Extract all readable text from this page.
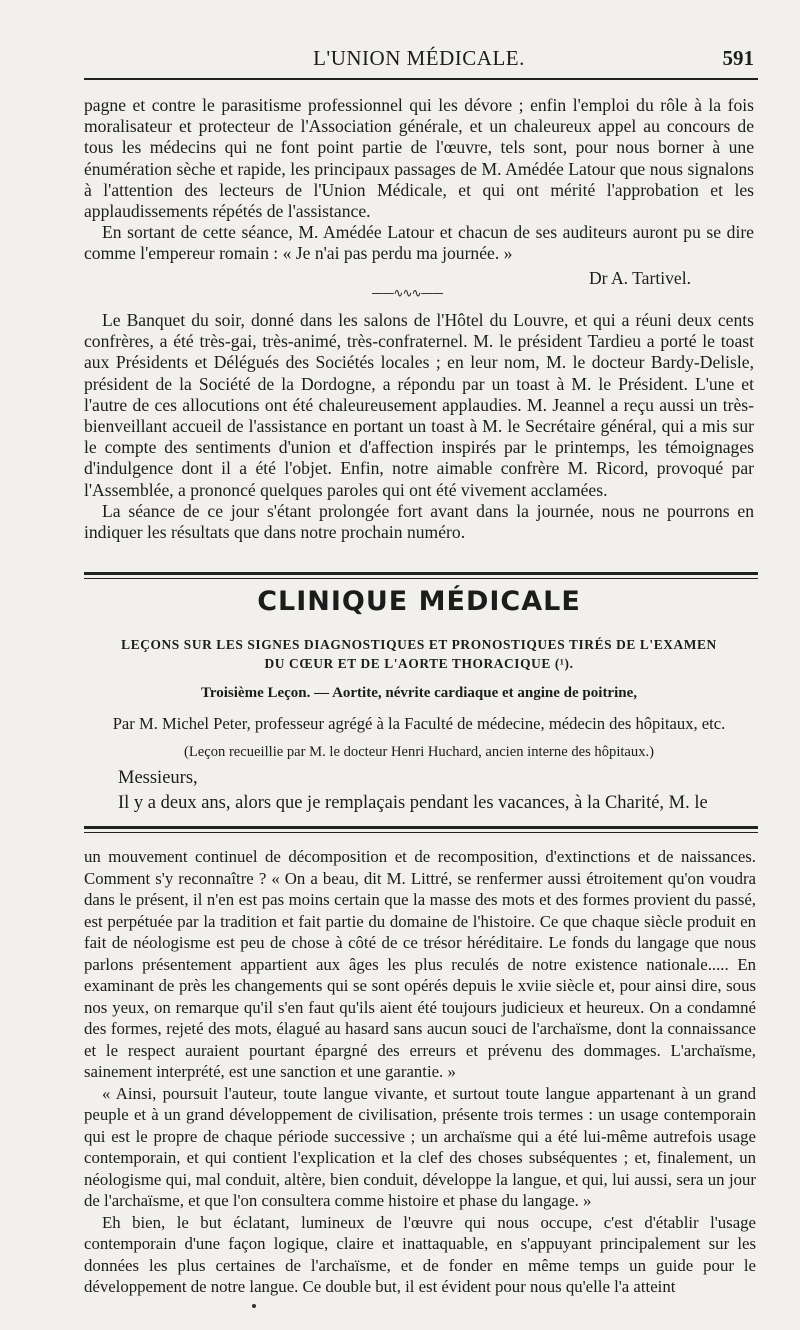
L'UNION MÉDICALE.	591

pagne et contre le parasitisme professionnel qui les dévore ; enfin l'emploi du rôle à la fois moralisateur et protecteur de l'Association générale, et un chaleureux appel au concours de tous les médecins qui ne font point partie de l'œuvre, tels sont, pour nous borner à une énumération sèche et rapide, les principaux passages de M. Amédée Latour que nous signalons à l'attention des lecteurs de l'Union Médicale, et qui ont mérité l'approbation et les applaudissements répétés de l'assistance.

En sortant de cette séance, M. Amédée Latour et chacun de ses auditeurs auront pu se dire comme l'empereur romain : « Je n'ai pas perdu ma journée. »

Dr A. Tartivel.
——∿∿∿——

Le Banquet du soir, donné dans les salons de l'Hôtel du Louvre, et qui a réuni deux cents confrères, a été très-gai, très-animé, très-confraternel. M. le président Tardieu a porté le toast aux Présidents et Délégués des Sociétés locales ; en leur nom, M. le docteur Bardy-Delisle, président de la Société de la Dordogne, a répondu par un toast à M. le Président. L'une et l'autre de ces allocutions ont été chaleureusement applaudies. M. Jeannel a reçu aussi un très-bienveillant accueil de l'assistance en portant un toast à M. le Secrétaire général, qui a mis sur le compte des sentiments d'union et d'affection inspirés par le printemps, les témoignages d'indulgence dont il a été l'objet. Enfin, notre aimable confrère M. Ricord, provoqué par l'Assemblée, a prononcé quelques paroles qui ont été vivement acclamées.

La séance de ce jour s'étant prolongée fort avant dans la journée, nous ne pourrons en indiquer les résultats que dans notre prochain numéro.

CLINIQUE MÉDICALE
LEÇONS SUR LES SIGNES DIAGNOSTIQUES ET PRONOSTIQUES TIRÉS DE L'EXAMEN
DU CŒUR ET DE L'AORTE THORACIQUE (¹).
Troisième Leçon. — Aortite, névrite cardiaque et angine de poitrine,
Par M. Michel Peter, professeur agrégé à la Faculté de médecine, médecin des hôpitaux, etc.
(Leçon recueillie par M. le docteur Henri Huchard, ancien interne des hôpitaux.)
Messieurs,
Il y a deux ans, alors que je remplaçais pendant les vacances, à la Charité, M. le

un mouvement continuel de décomposition et de recomposition, d'extinctions et de naissances. Comment s'y reconnaître ? « On a beau, dit M. Littré, se renfermer aussi étroitement qu'on voudra dans le présent, il n'en est pas moins certain que la masse des mots et des formes provient du passé, est perpétuée par la tradition et fait partie du domaine de l'histoire. Ce que chaque siècle produit en fait de néologisme est peu de chose à côté de ce trésor héréditaire. Le fonds du langage que nous parlons présentement appartient aux âges les plus reculés de notre existence nationale..... En examinant de près les changements qui se sont opérés depuis le xviie siècle et, pour ainsi dire, sous nos yeux, on remarque qu'il s'en faut qu'ils aient été toujours judicieux et heureux. On a condamné des formes, rejeté des mots, élagué au hasard sans aucun souci de l'archaïsme, dont la connaissance et le respect auraient pourtant épargné des erreurs et prévenu des dommages. L'archaïsme, sainement interprété, est une sanction et une garantie. »

« Ainsi, poursuit l'auteur, toute langue vivante, et surtout toute langue appartenant à un grand peuple et à un grand développement de civilisation, présente trois termes : un usage contemporain qui est le propre de chaque période successive ; un archaïsme qui a été lui-même autrefois usage contemporain, et qui contient l'explication et la clef des choses subséquentes ; et, finalement, un néologisme qui, mal conduit, altère, bien conduit, développe la langue, et qui, lui aussi, sera un jour de l'archaïsme, et que l'on consultera comme histoire et phase du langage. »

Eh bien, le but éclatant, lumineux de l'œuvre qui nous occupe, c'est d'établir l'usage contemporain d'une façon logique, claire et inattaquable, en s'appuyant principalement sur les données les plus certaines de l'archaïsme, et de fonder en même temps un guide pour le développement de notre langue. Ce double but, il est évident pour nous qu'elle l'a atteint
